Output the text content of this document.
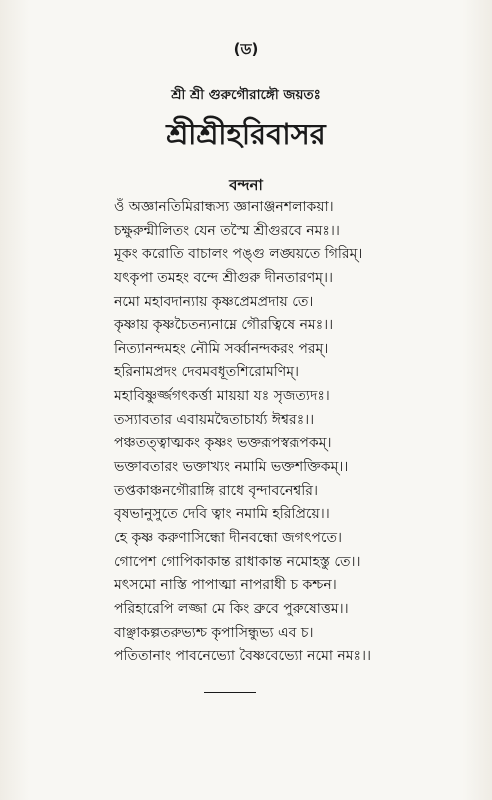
(ড)
শ্রী শ্রী গুরুগৌরাঙ্গৌ জয়তঃ
শ্রীশ্রীহরিবাসর
বন্দনা
ওঁ অজ্ঞানতিমিরান্ধস্য জ্ঞানাঞ্জনশলাকয়া।
চক্ষুরুন্মীলিতং যেন তস্মৈ শ্রীগুরবে নমঃ।।
মূকং করোতি বাচালং পঙ্গু লঙ্ঘয়তে গিরিম্।
যৎকৃপা তমহং বন্দে শ্রীগুরু দীনতারণম্।।
নমো মহাবদান্যায় কৃষ্ণপ্রেমপ্রদায় তে।
কৃষ্ণায় কৃষ্ণচৈতন্যনাম্নে গৌরত্বিষে নমঃ।।
নিত্যানন্দমহং নৌমি সর্ব্বানন্দকরং পরম্।
হরিনামপ্রদং দেবমবধূতশিরোমণিম্।
মহাবিষ্ণুর্জ্জগৎকর্ত্তা মায়য়া যঃ সৃজত্যদঃ।
তস্যাবতার এবায়মদ্বৈতাচার্য্য ঈশ্বরঃ।।
পঞ্চতত্ত্বাত্মকং কৃষ্ণং ভক্তরূপস্বরূপকম্।
ভক্তাবতারং ভক্তাখ্যং নমামি ভক্তশক্তিকম্।।
তপ্তকাঞ্চনগৌরাঙ্গি রাধে বৃন্দাবনেশ্বরি।
বৃষভানুসুতে দেবি ত্বাং নমামি হরিপ্রিয়ে।।
হে কৃষ্ণ করুণাসিন্ধো দীনবন্ধো জগৎপতে।
গোপেশ গোপিকাকান্ত রাধাকান্ত নমোহস্তু তে।।
মৎসমো নাস্তি পাপাত্মা নাপরাধী চ কশ্চন।
পরিহারেপি লজ্জা মে কিং ব্রুবে পুরুষোত্তম।।
বাঞ্ছাকল্পতরুভ্যশ্চ কৃপাসিন্ধুভ্য এব চ।
পতিতানাং পাবনেভ্যো বৈষ্ণবেভ্যো নমো নমঃ।।
